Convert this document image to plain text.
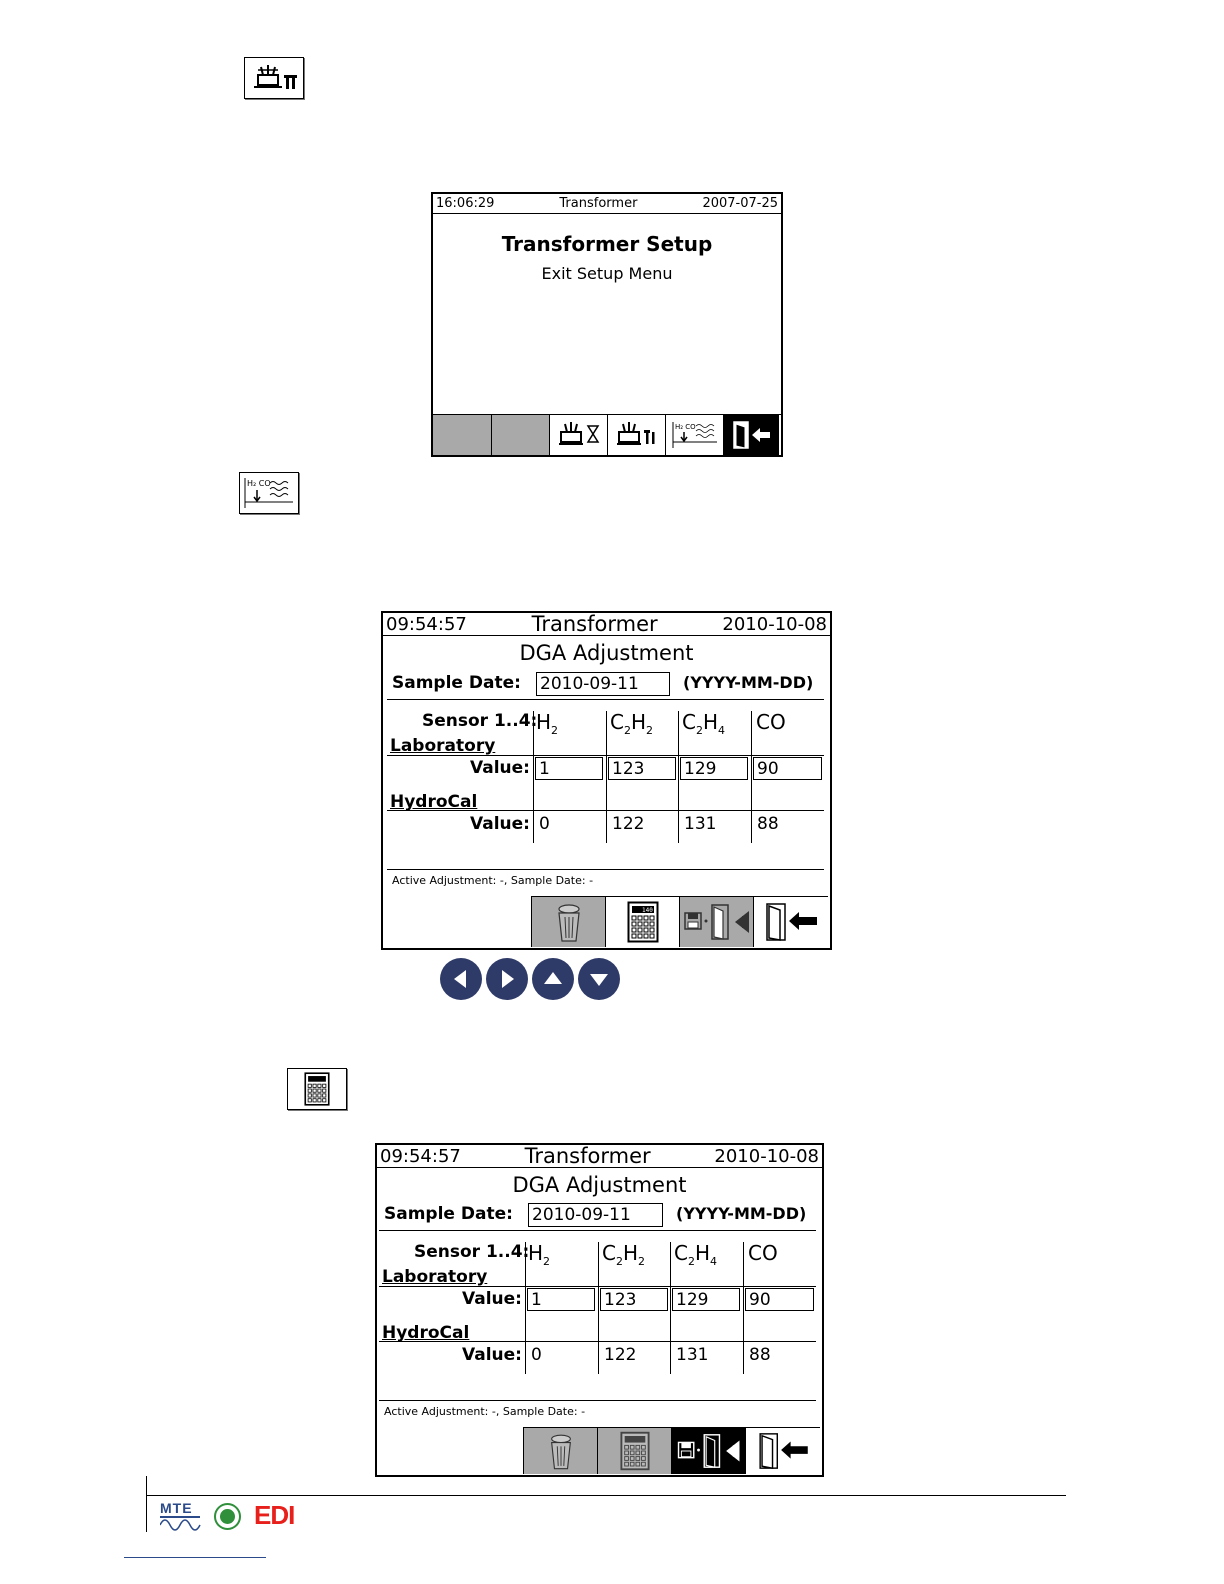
16:06:29	Transformer	2007-07-25
Transformer Setup
Exit Setup Menu
H₂ CO
H₂ CO
09:54:57	Transformer	2010-10-08
DGA Adjustment
Sample Date: 2010-09-11	(YYYY-MM-DD)
Sensor 1..4:
$H_2$	$C_2H_2$ $C_2H_4$ CO
Laboratory
Value: 1	123	129	90
HydroCal
Value: 0	122 131 88
Active Adjustment: -, Sample Date: -
140
09:54:57	Transformer	2010-10-08
DGA Adjustment
Sample Date: 2010-09-11	(YYYY-MM-DD)
Sensor 1..4:
$H_2$	$C_2H_2$ $C_2H_4$ CO
Laboratory
Value: 1	123	129	90
HydroCal
Value: 0	122 131 88
Active Adjustment: -, Sample Date: -
MTE EDI
